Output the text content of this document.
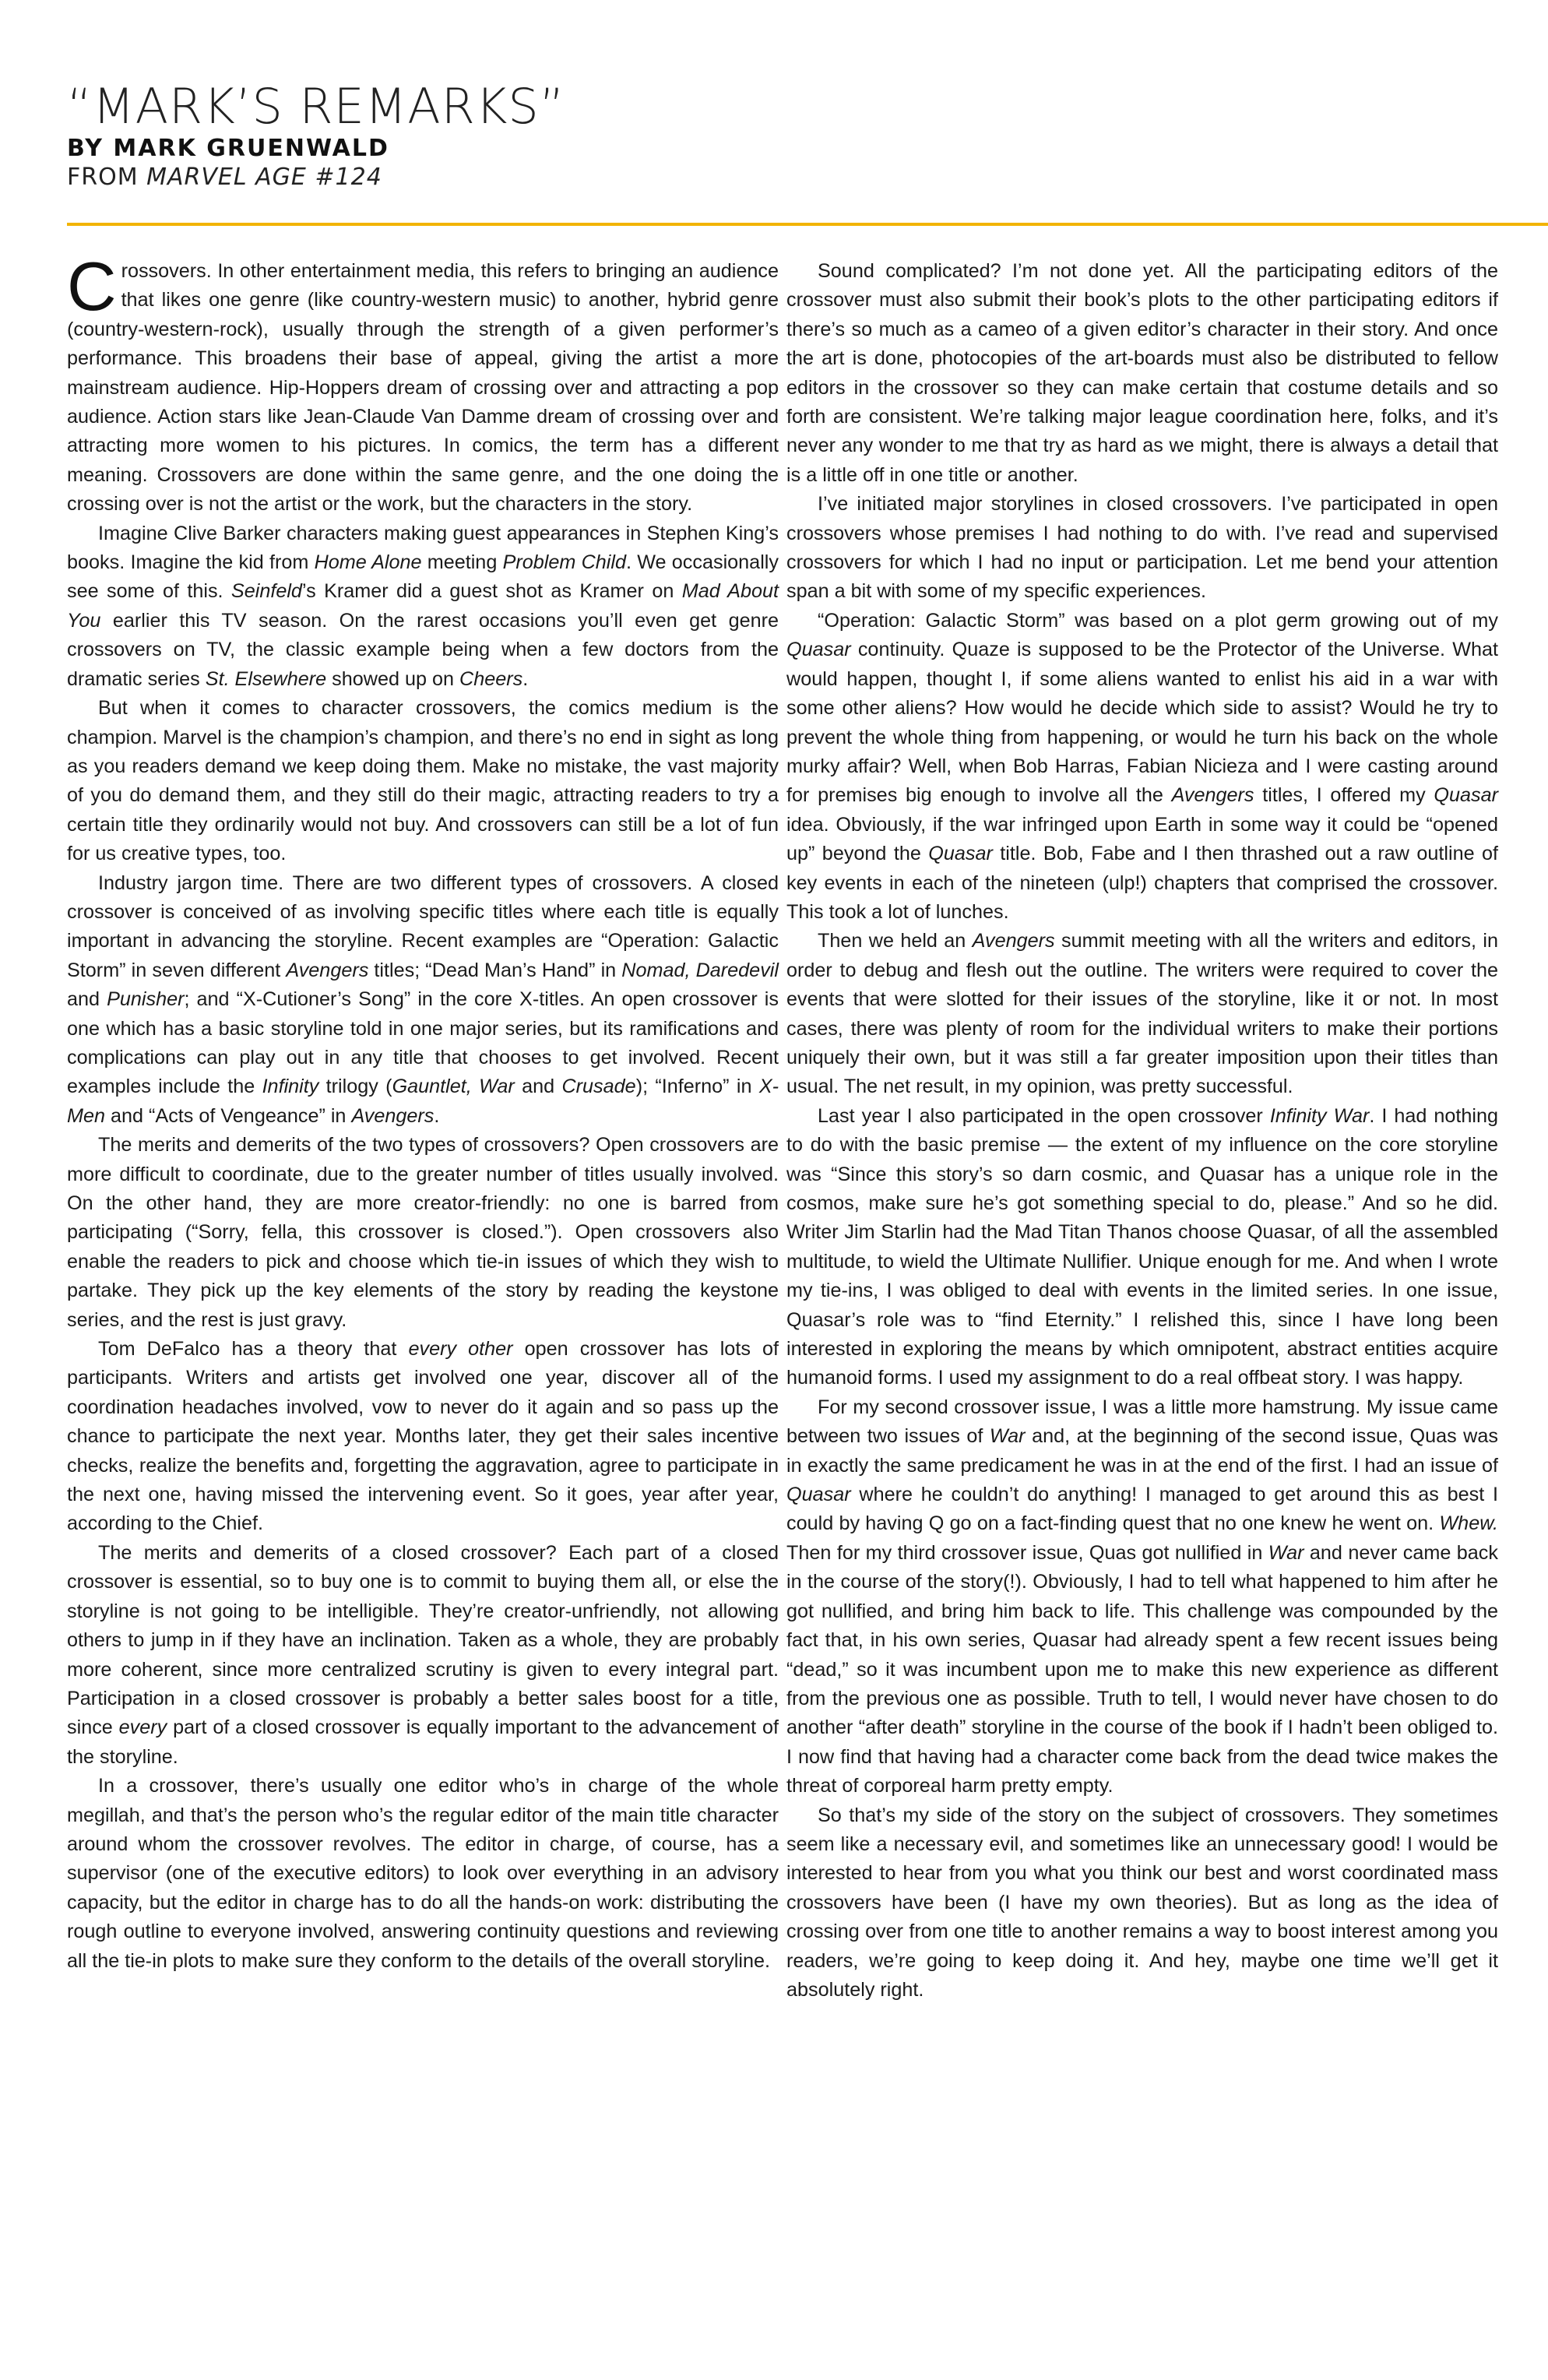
“MARK’S REMARKS”
BY MARK GRUENWALD
FROM MARVEL AGE #124

Crossovers. In other entertainment media, this refers to bringing an audience that likes one genre (like country-western music) to another, hybrid genre (country-western-rock), usually through the strength of a given performer’s performance. This broadens their base of appeal, giving the artist a more mainstream audience. Hip-Hoppers dream of crossing over and attracting a pop audience. Action stars like Jean-Claude Van Damme dream of crossing over and attracting more women to his pictures. In comics, the term has a different meaning. Crossovers are done within the same genre, and the one doing the crossing over is not the artist or the work, but the characters in the story.

Imagine Clive Barker characters making guest appearances in Stephen King’s books. Imagine the kid from Home Alone meeting Problem Child. We occasionally see some of this. Seinfeld’s Kramer did a guest shot as Kramer on Mad About You earlier this TV season. On the rarest occasions you’ll even get genre crossovers on TV, the classic example being when a few doctors from the dramatic series St. Elsewhere showed up on Cheers.

But when it comes to character crossovers, the comics medium is the champion. Marvel is the champion’s champion, and there’s no end in sight as long as you readers demand we keep doing them. Make no mistake, the vast majority of you do demand them, and they still do their magic, attracting readers to try a certain title they ordinarily would not buy. And crossovers can still be a lot of fun for us creative types, too.

Industry jargon time. There are two different types of crossovers. A closed crossover is conceived of as involving specific titles where each title is equally important in advancing the storyline. Recent examples are “Operation: Galactic Storm” in seven different Avengers titles; “Dead Man’s Hand” in Nomad, Daredevil and Punisher; and “X-Cutioner’s Song” in the core X-titles. An open crossover is one which has a basic storyline told in one major series, but its ramifications and complications can play out in any title that chooses to get involved. Recent examples include the Infinity trilogy (Gauntlet, War and Crusade); “Inferno” in X-Men and “Acts of Vengeance” in Avengers.

The merits and demerits of the two types of crossovers? Open crossovers are more difficult to coordinate, due to the greater number of titles usually involved. On the other hand, they are more creator-friendly: no one is barred from participating (“Sorry, fella, this crossover is closed.”). Open crossovers also enable the readers to pick and choose which tie-in issues of which they wish to partake. They pick up the key elements of the story by reading the keystone series, and the rest is just gravy.

Tom DeFalco has a theory that every other open crossover has lots of participants. Writers and artists get involved one year, discover all of the coordination headaches involved, vow to never do it again and so pass up the chance to participate the next year. Months later, they get their sales incentive checks, realize the benefits and, forgetting the aggravation, agree to participate in the next one, having missed the intervening event. So it goes, year after year, according to the Chief.

The merits and demerits of a closed crossover? Each part of a closed crossover is essential, so to buy one is to commit to buying them all, or else the storyline is not going to be intelligible. They’re creator-unfriendly, not allowing others to jump in if they have an inclination. Taken as a whole, they are probably more coherent, since more centralized scrutiny is given to every integral part. Participation in a closed crossover is probably a better sales boost for a title, since every part of a closed crossover is equally important to the advancement of the storyline.

In a crossover, there’s usually one editor who’s in charge of the whole megillah, and that’s the person who’s the regular editor of the main title character around whom the crossover revolves. The editor in charge, of course, has a supervisor (one of the executive editors) to look over everything in an advisory capacity, but the editor in charge has to do all the hands-on work: distributing the rough outline to everyone involved, answering continuity questions and reviewing all the tie-in plots to make sure they conform to the details of the overall storyline.

Sound complicated? I’m not done yet. All the participating editors of the crossover must also submit their book’s plots to the other participating editors if there’s so much as a cameo of a given editor’s character in their story. And once the art is done, photocopies of the art-boards must also be distributed to fellow editors in the crossover so they can make certain that costume details and so forth are consistent. We’re talking major league coordination here, folks, and it’s never any wonder to me that try as hard as we might, there is always a detail that is a little off in one title or another.

I’ve initiated major storylines in closed crossovers. I’ve participated in open crossovers whose premises I had nothing to do with. I’ve read and supervised crossovers for which I had no input or participation. Let me bend your attention span a bit with some of my specific experiences.

“Operation: Galactic Storm” was based on a plot germ growing out of my Quasar continuity. Quaze is supposed to be the Protector of the Universe. What would happen, thought I, if some aliens wanted to enlist his aid in a war with some other aliens? How would he decide which side to assist? Would he try to prevent the whole thing from happening, or would he turn his back on the whole murky affair? Well, when Bob Harras, Fabian Nicieza and I were casting around for premises big enough to involve all the Avengers titles, I offered my Quasar idea. Obviously, if the war infringed upon Earth in some way it could be “opened up” beyond the Quasar title. Bob, Fabe and I then thrashed out a raw outline of key events in each of the nineteen (ulp!) chapters that comprised the crossover. This took a lot of lunches.

Then we held an Avengers summit meeting with all the writers and editors, in order to debug and flesh out the outline. The writers were required to cover the events that were slotted for their issues of the storyline, like it or not. In most cases, there was plenty of room for the individual writers to make their portions uniquely their own, but it was still a far greater imposition upon their titles than usual. The net result, in my opinion, was pretty successful.

Last year I also participated in the open crossover Infinity War. I had nothing to do with the basic premise — the extent of my influence on the core storyline was “Since this story’s so darn cosmic, and Quasar has a unique role in the cosmos, make sure he’s got something special to do, please.” And so he did. Writer Jim Starlin had the Mad Titan Thanos choose Quasar, of all the assembled multitude, to wield the Ultimate Nullifier. Unique enough for me. And when I wrote my tie-ins, I was obliged to deal with events in the limited series. In one issue, Quasar’s role was to “find Eternity.” I relished this, since I have long been interested in exploring the means by which omnipotent, abstract entities acquire humanoid forms. I used my assignment to do a real offbeat story. I was happy.

For my second crossover issue, I was a little more hamstrung. My issue came between two issues of War and, at the beginning of the second issue, Quas was in exactly the same predicament he was in at the end of the first. I had an issue of Quasar where he couldn’t do anything! I managed to get around this as best I could by having Q go on a fact-finding quest that no one knew he went on. Whew. Then for my third crossover issue, Quas got nullified in War and never came back in the course of the story(!). Obviously, I had to tell what happened to him after he got nullified, and bring him back to life. This challenge was compounded by the fact that, in his own series, Quasar had already spent a few recent issues being “dead,” so it was incumbent upon me to make this new experience as different from the previous one as possible. Truth to tell, I would never have chosen to do another “after death” storyline in the course of the book if I hadn’t been obliged to. I now find that having had a character come back from the dead twice makes the threat of corporeal harm pretty empty.

So that’s my side of the story on the subject of crossovers. They sometimes seem like a necessary evil, and sometimes like an unnecessary good! I would be interested to hear from you what you think our best and worst coordinated mass crossovers have been (I have my own theories). But as long as the idea of crossing over from one title to another remains a way to boost interest among you readers, we’re going to keep doing it. And hey, maybe one time we’ll get it absolutely right.
